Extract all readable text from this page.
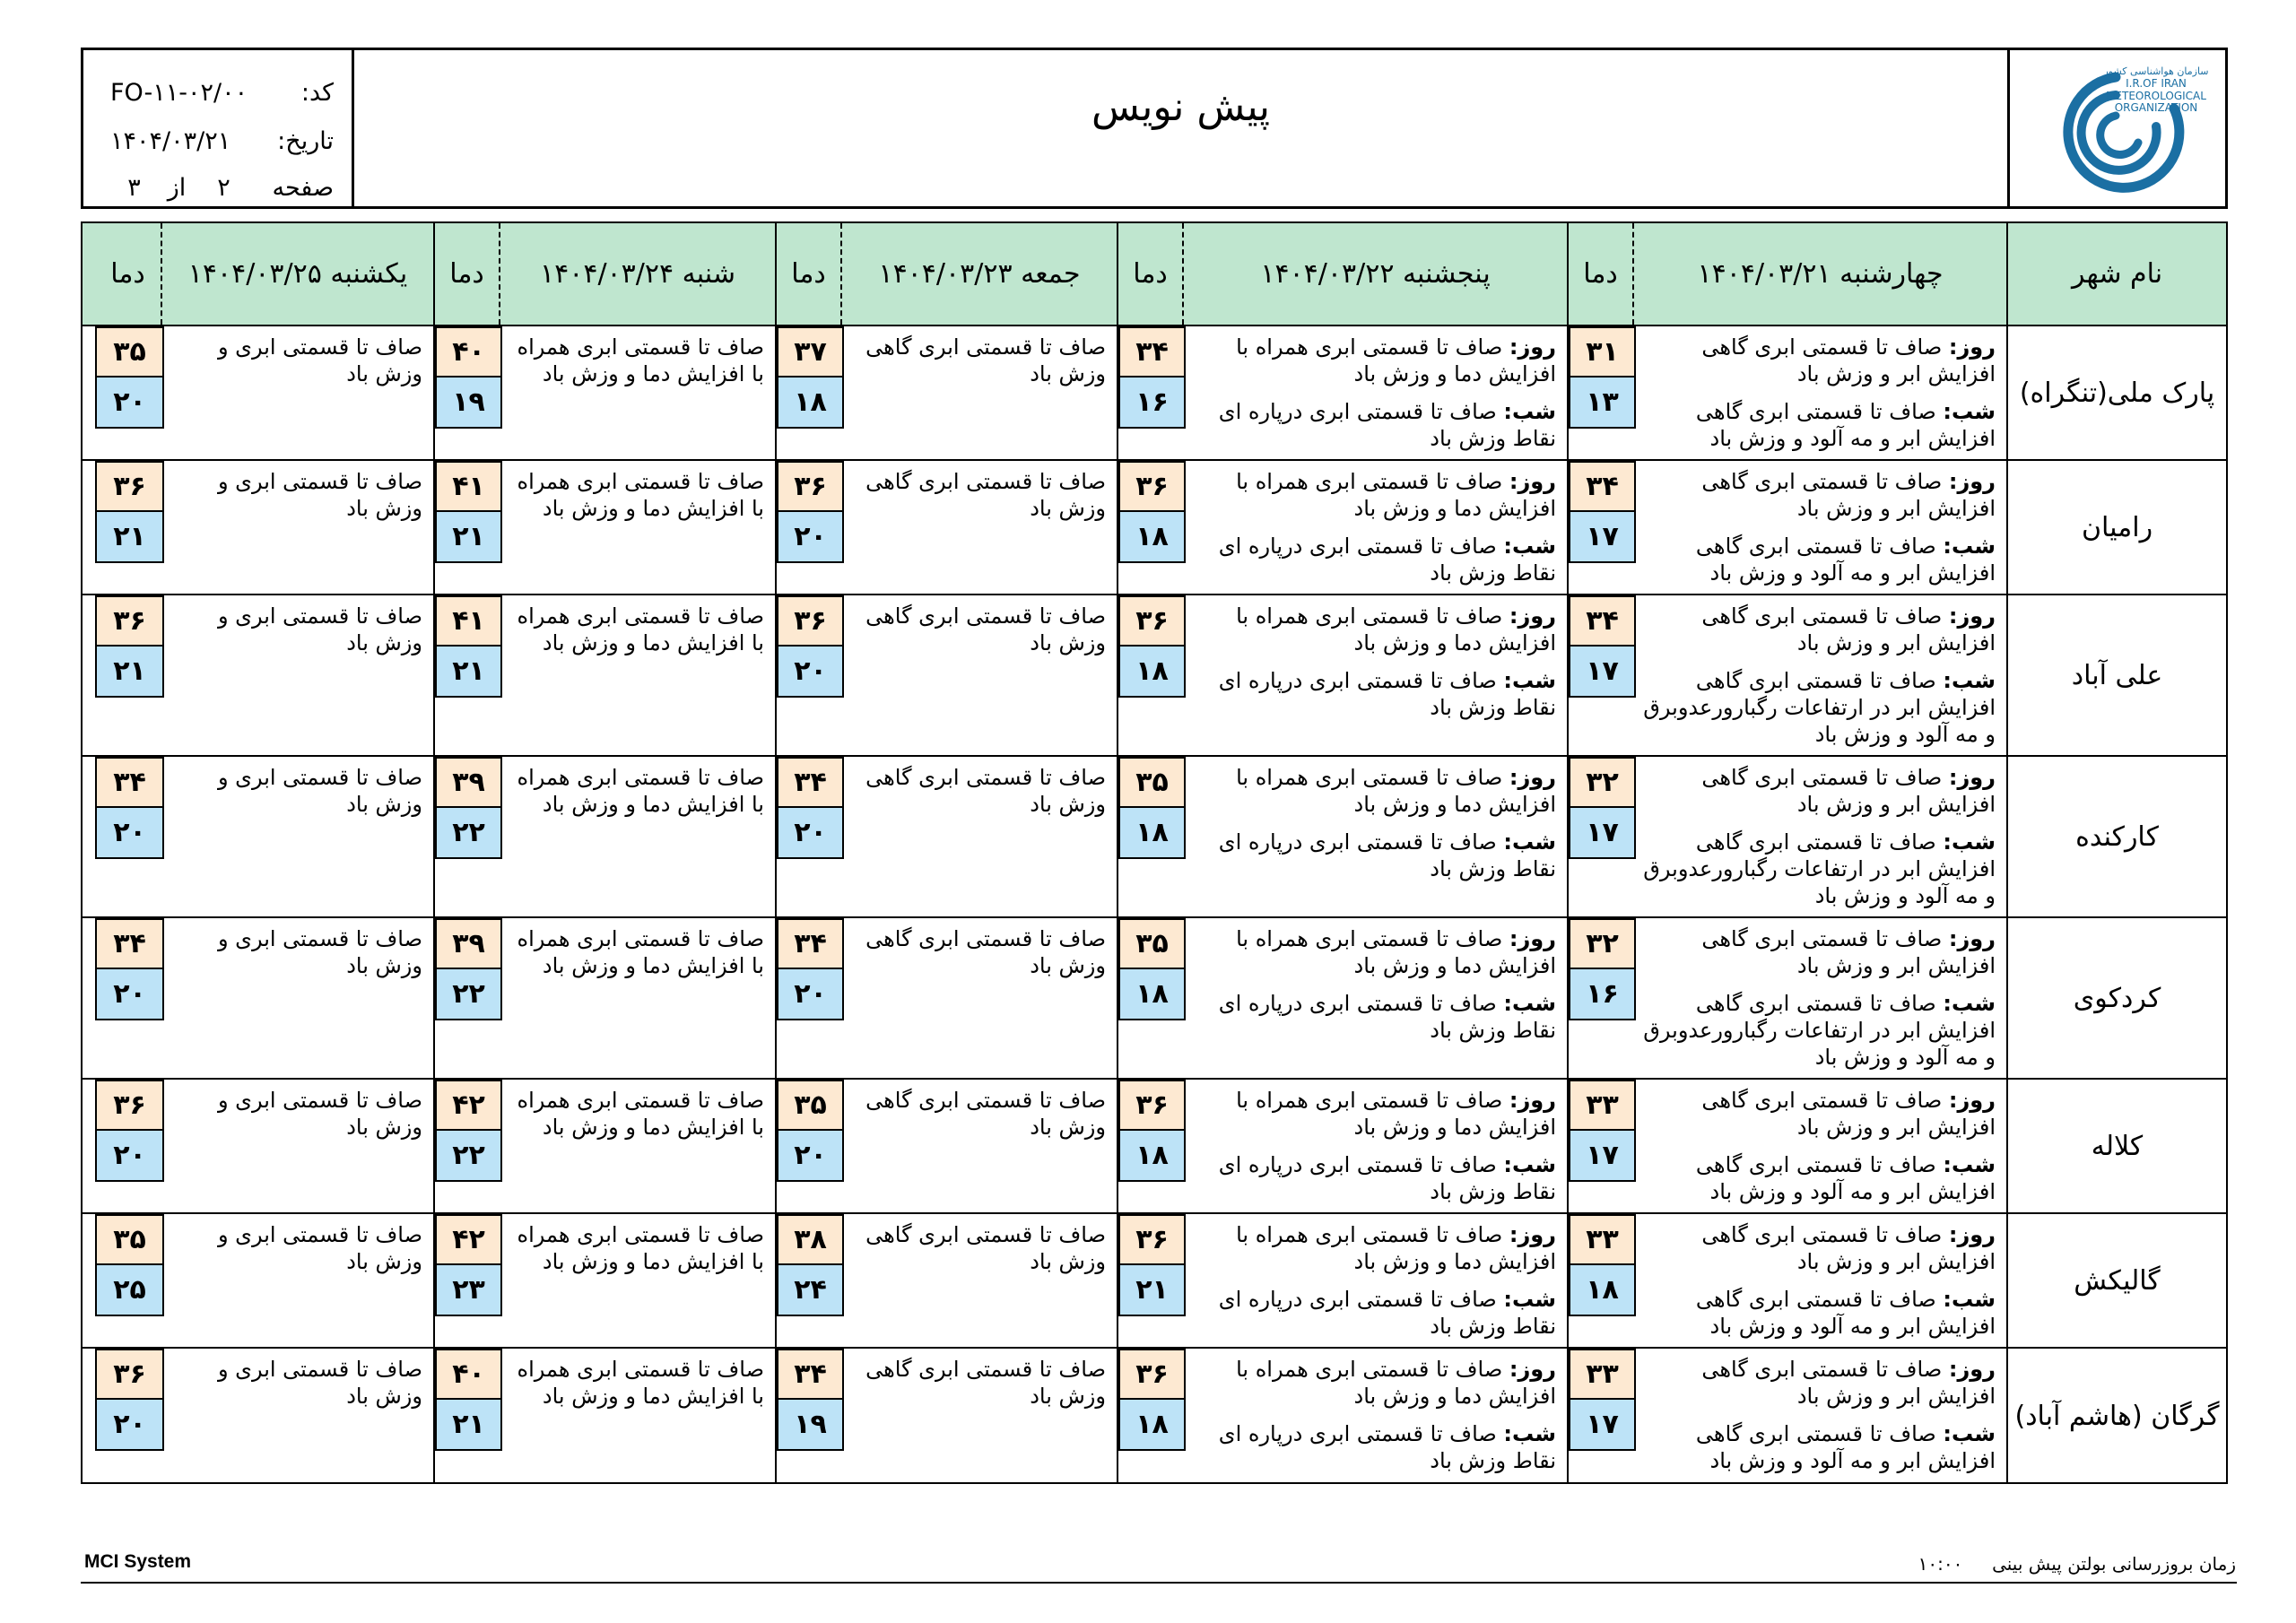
سازمان هواشناسی کشور
I.R.OF IRAN
METEOROLOGICAL
ORGANIZATION
پیش نویس
کد:
FO-۱۱-۰۲/۰۰
تاریخ:
۱۴۰۴/۰۳/۲۱
صفحه
۲
از
۳
نام شهر
چهارشنبه ۱۴۰۴/۰۳/۲۱
دما
پنجشنبه ۱۴۰۴/۰۳/۲۲
دما
جمعه ۱۴۰۴/۰۳/۲۳
دما
شنبه ۱۴۰۴/۰۳/۲۴
دما
یکشنبه ۱۴۰۴/۰۳/۲۵
دما
پارک ملی(تنگراه)

روز: صاف تا قسمتی ابری گاهی افزایش ابر و وزش باد

شب: صاف تا قسمتی ابری گاهی افزایش ابر و مه آلود و وزش باد

۳۱
۱۳

روز: صاف تا قسمتی ابری همراه با افزایش دما و وزش باد

شب: صاف تا قسمتی ابری درپاره ای نقاط وزش باد

۳۴
۱۶

صاف تا قسمتی ابری گاهی وزش باد

۳۷
۱۸

صاف تا قسمتی ابری همراه با افزایش دما و وزش باد

۴۰
۱۹

صاف تا قسمتی ابری و وزش باد

۳۵
۲۰
رامیان

روز: صاف تا قسمتی ابری گاهی افزایش ابر و وزش باد

شب: صاف تا قسمتی ابری گاهی افزایش ابر و مه آلود و وزش باد

۳۴
۱۷

روز: صاف تا قسمتی ابری همراه با افزایش دما و وزش باد

شب: صاف تا قسمتی ابری درپاره ای نقاط وزش باد

۳۶
۱۸

صاف تا قسمتی ابری گاهی وزش باد

۳۶
۲۰

صاف تا قسمتی ابری همراه با افزایش دما و وزش باد

۴۱
۲۱

صاف تا قسمتی ابری و وزش باد

۳۶
۲۱
علی آباد

روز: صاف تا قسمتی ابری گاهی افزایش ابر و وزش باد

شب: صاف تا قسمتی ابری گاهی افزایش ابر در ارتفاعات رگبارورعدوبرق و مه آلود و وزش باد

۳۴
۱۷

روز: صاف تا قسمتی ابری همراه با افزایش دما و وزش باد

شب: صاف تا قسمتی ابری درپاره ای نقاط وزش باد

۳۶
۱۸

صاف تا قسمتی ابری گاهی وزش باد

۳۶
۲۰

صاف تا قسمتی ابری همراه با افزایش دما و وزش باد

۴۱
۲۱

صاف تا قسمتی ابری و وزش باد

۳۶
۲۱
کارکنده

روز: صاف تا قسمتی ابری گاهی افزایش ابر و وزش باد

شب: صاف تا قسمتی ابری گاهی افزایش ابر در ارتفاعات رگبارورعدوبرق و مه آلود و وزش باد

۳۲
۱۷

روز: صاف تا قسمتی ابری همراه با افزایش دما و وزش باد

شب: صاف تا قسمتی ابری درپاره ای نقاط وزش باد

۳۵
۱۸

صاف تا قسمتی ابری گاهی وزش باد

۳۴
۲۰

صاف تا قسمتی ابری همراه با افزایش دما و وزش باد

۳۹
۲۲

صاف تا قسمتی ابری و وزش باد

۳۴
۲۰
کردکوی

روز: صاف تا قسمتی ابری گاهی افزایش ابر و وزش باد

شب: صاف تا قسمتی ابری گاهی افزایش ابر در ارتفاعات رگبارورعدوبرق و مه آلود و وزش باد

۳۲
۱۶

روز: صاف تا قسمتی ابری همراه با افزایش دما و وزش باد

شب: صاف تا قسمتی ابری درپاره ای نقاط وزش باد

۳۵
۱۸

صاف تا قسمتی ابری گاهی وزش باد

۳۴
۲۰

صاف تا قسمتی ابری همراه با افزایش دما و وزش باد

۳۹
۲۲

صاف تا قسمتی ابری و وزش باد

۳۴
۲۰
کلاله

روز: صاف تا قسمتی ابری گاهی افزایش ابر و وزش باد

شب: صاف تا قسمتی ابری گاهی افزایش ابر و مه آلود و وزش باد

۳۳
۱۷

روز: صاف تا قسمتی ابری همراه با افزایش دما و وزش باد

شب: صاف تا قسمتی ابری درپاره ای نقاط وزش باد

۳۶
۱۸

صاف تا قسمتی ابری گاهی وزش باد

۳۵
۲۰

صاف تا قسمتی ابری همراه با افزایش دما و وزش باد

۴۲
۲۲

صاف تا قسمتی ابری و وزش باد

۳۶
۲۰
گالیکش

روز: صاف تا قسمتی ابری گاهی افزایش ابر و وزش باد

شب: صاف تا قسمتی ابری گاهی افزایش ابر و مه آلود و وزش باد

۳۳
۱۸

روز: صاف تا قسمتی ابری همراه با افزایش دما و وزش باد

شب: صاف تا قسمتی ابری درپاره ای نقاط وزش باد

۳۶
۲۱

صاف تا قسمتی ابری گاهی وزش باد

۳۸
۲۴

صاف تا قسمتی ابری همراه با افزایش دما و وزش باد

۴۲
۲۳

صاف تا قسمتی ابری و وزش باد

۳۵
۲۵
گرگان (هاشم آباد)

روز: صاف تا قسمتی ابری گاهی افزایش ابر و وزش باد

شب: صاف تا قسمتی ابری گاهی افزایش ابر و مه آلود و وزش باد

۳۳
۱۷

روز: صاف تا قسمتی ابری همراه با افزایش دما و وزش باد

شب: صاف تا قسمتی ابری درپاره ای نقاط وزش باد

۳۶
۱۸

صاف تا قسمتی ابری گاهی وزش باد

۳۴
۱۹

صاف تا قسمتی ابری همراه با افزایش دما و وزش باد

۴۰
۲۱

صاف تا قسمتی ابری و وزش باد

۳۶
۲۰
MCI System	زمان بروزرسانی بولتن پیش بینی  ۱۰:۰۰
